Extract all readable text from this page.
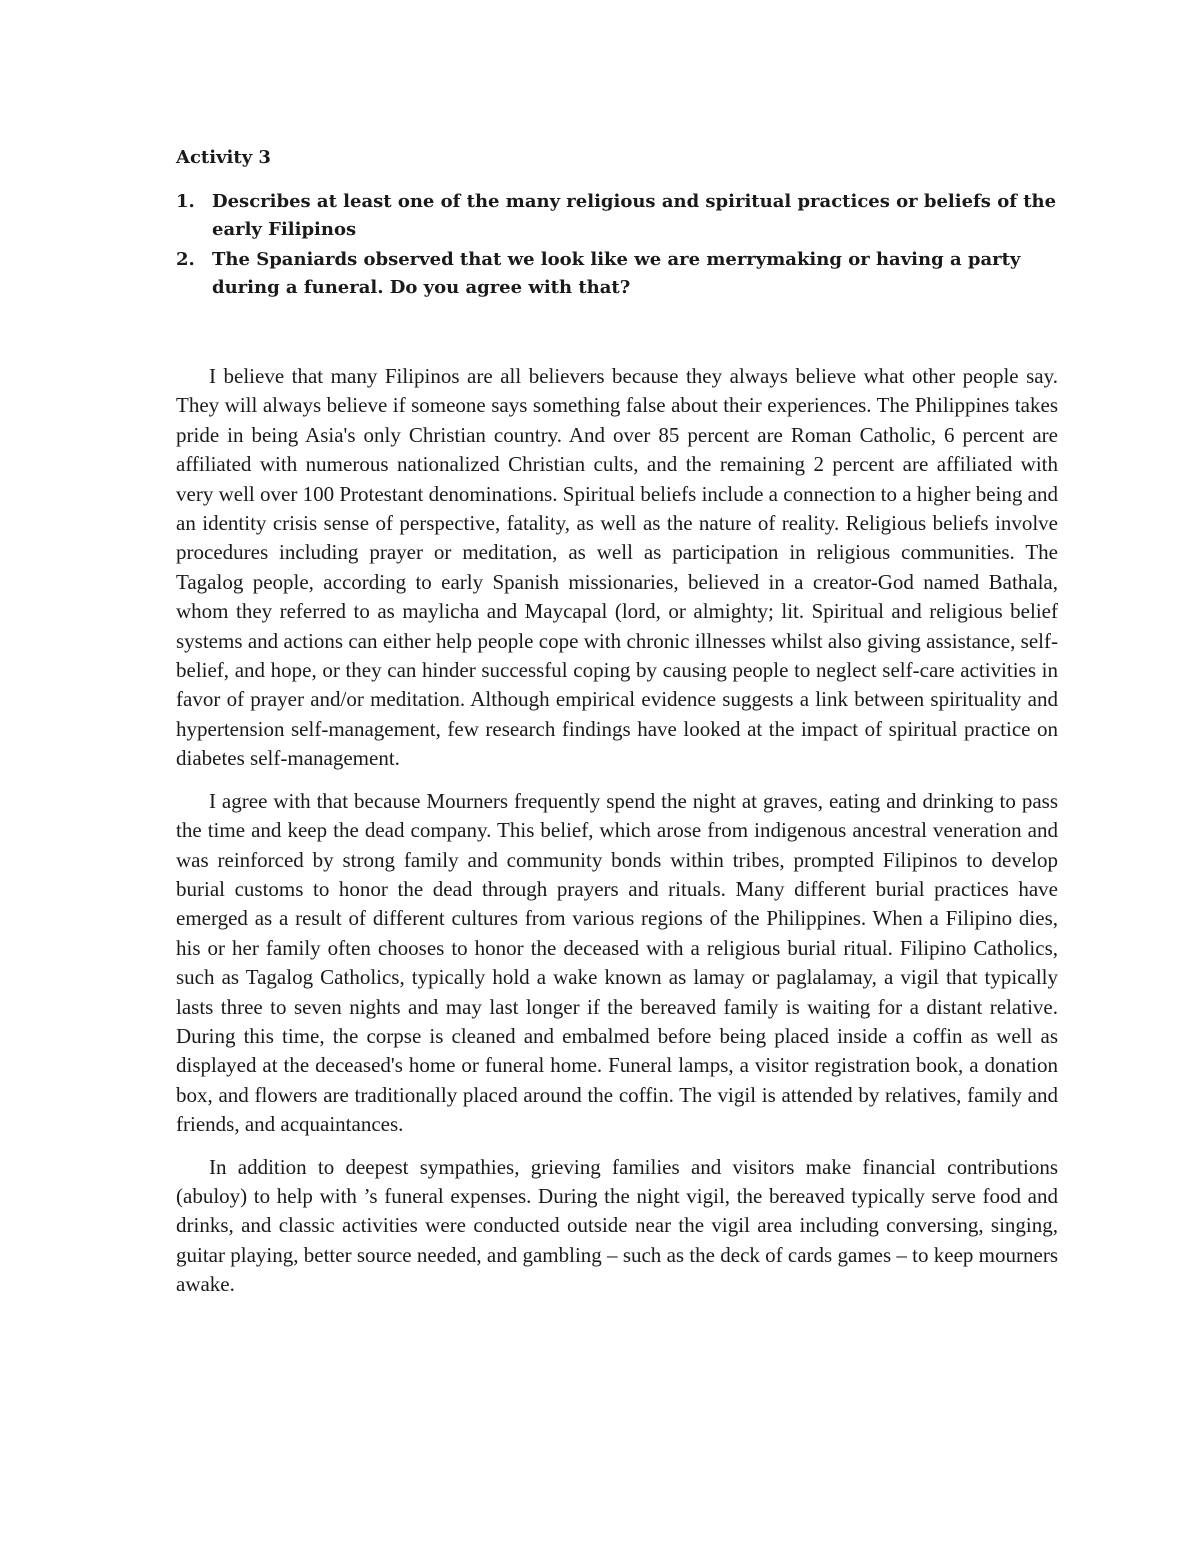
Activity 3
1. Describes at least one of the many religious and spiritual practices or beliefs of the early Filipinos
2. The Spaniards observed that we look like we are merrymaking or having a party during a funeral. Do you agree with that?

I believe that many Filipinos are all believers because they always believe what other people say. They will always believe if someone says something false about their experiences. The Philippines takes pride in being Asia's only Christian country. And over 85 percent are Roman Catholic, 6 percent are affiliated with numerous nationalized Christian cults, and the remaining 2 percent are affiliated with very well over 100 Protestant denominations. Spiritual beliefs include a connection to a higher being and an identity crisis sense of perspective, fatality, as well as the nature of reality. Religious beliefs involve procedures including prayer or meditation, as well as participation in religious communities. The Tagalog people, according to early Spanish missionaries, believed in a creator-God named Bathala, whom they referred to as maylicha and Maycapal (lord, or almighty; lit. Spiritual and religious belief systems and actions can either help people cope with chronic illnesses whilst also giving assistance, self-belief, and hope, or they can hinder successful coping by causing people to neglect self-care activities in favor of prayer and/or meditation. Although empirical evidence suggests a link between spirituality and hypertension self-management, few research findings have looked at the impact of spiritual practice on diabetes self-management.

I agree with that because Mourners frequently spend the night at graves, eating and drinking to pass the time and keep the dead company. This belief, which arose from indigenous ancestral veneration and was reinforced by strong family and community bonds within tribes, prompted Filipinos to develop burial customs to honor the dead through prayers and rituals. Many different burial practices have emerged as a result of different cultures from various regions of the Philippines. When a Filipino dies, his or her family often chooses to honor the deceased with a religious burial ritual. Filipino Catholics, such as Tagalog Catholics, typically hold a wake known as lamay or paglalamay, a vigil that typically lasts three to seven nights and may last longer if the bereaved family is waiting for a distant relative. During this time, the corpse is cleaned and embalmed before being placed inside a coffin as well as displayed at the deceased's home or funeral home. Funeral lamps, a visitor registration book, a donation box, and flowers are traditionally placed around the coffin. The vigil is attended by relatives, family and friends, and acquaintances.

In addition to deepest sympathies, grieving families and visitors make financial contributions (abuloy) to help with ’s funeral expenses. During the night vigil, the bereaved typically serve food and drinks, and classic activities were conducted outside near the vigil area including conversing, singing, guitar playing, better source needed, and gambling – such as the deck of cards games – to keep mourners awake.
